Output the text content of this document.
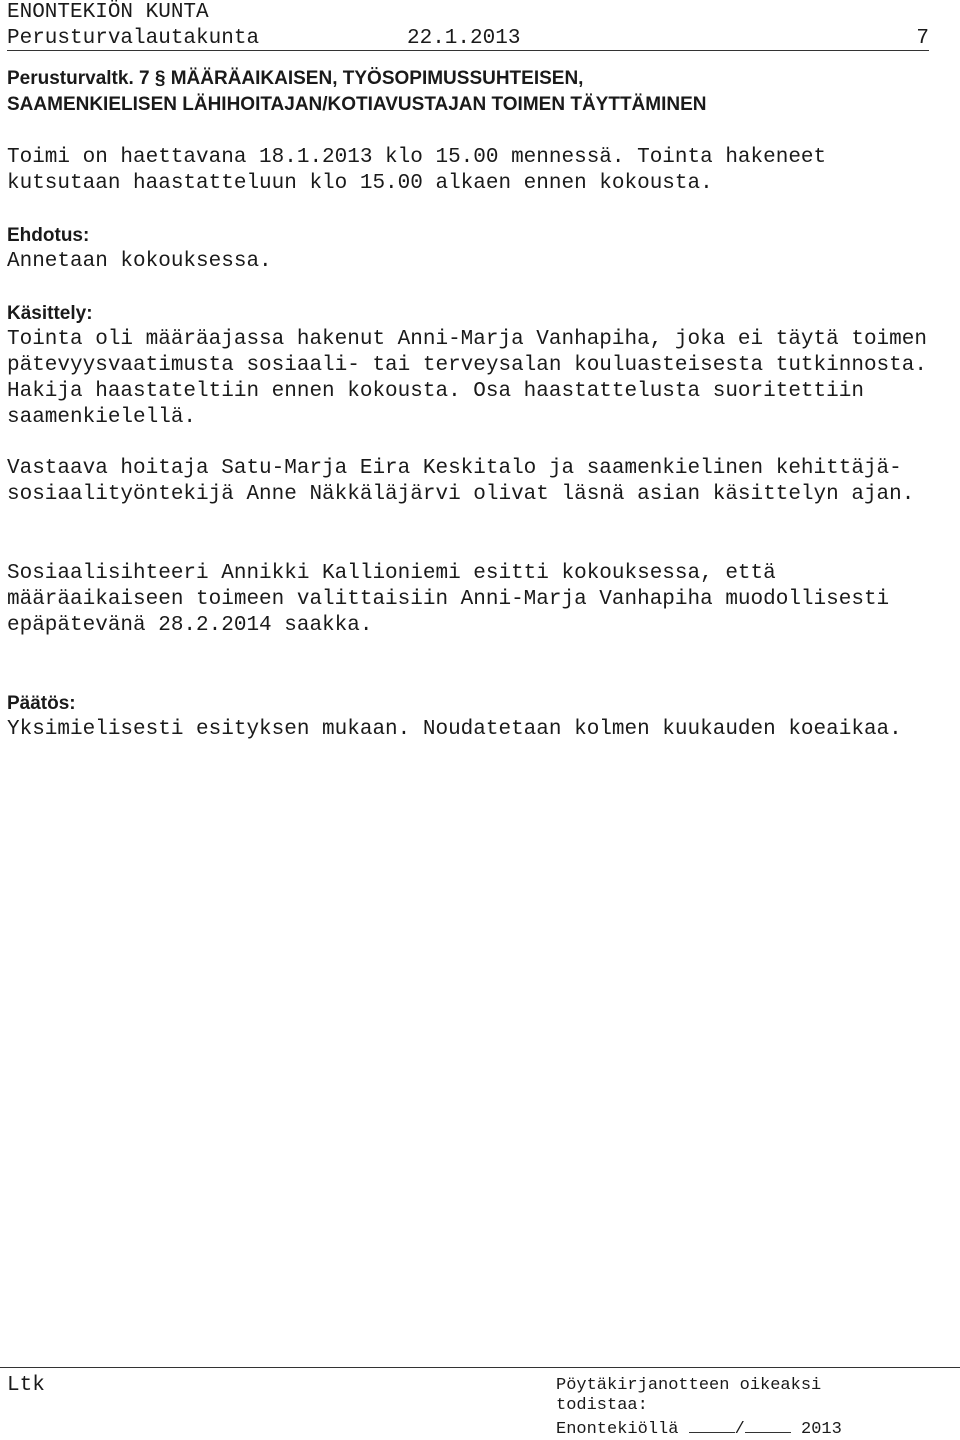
ENONTEKIÖN KUNTA

Perusturvalautakunta

	22.1.2013

	7

Perusturvaltk. 7 § MÄÄRÄAIKAISEN, TYÖSOPIMUSSUHTEISEN,
SAAMENKIELISEN LÄHIHOITAJAN/KOTIAVUSTAJAN TOIMEN TÄYTTÄMINEN
Toimi on haettavana 18.1.2013 klo 15.00 mennessä. Tointa hakeneet kutsutaan haastatteluun klo 15.00 alkaen ennen kokousta.
Ehdotus:
Annetaan kokouksessa.
Käsittely:
Tointa oli määräajassa hakenut Anni-Marja Vanhapiha, joka ei täytä toimen pätevyysvaatimusta sosiaali- tai terveysalan kouluasteisesta tutkinnosta. Hakija haastateltiin ennen kokousta. Osa haastattelusta suoritettiin saamenkielellä.
Vastaava hoitaja Satu-Marja Eira Keskitalo ja saamenkielinen kehittäjä-sosiaalityöntekijä Anne Näkkäläjärvi olivat läsnä asian käsittelyn ajan.
Sosiaalisihteeri Annikki Kallioniemi esitti kokouksessa, että määräaikaiseen toimeen valittaisiin Anni-Marja Vanhapiha muodollisesti epäpätevänä 28.2.2014 saakka.
Päätös:
Yksimielisesti esityksen mukaan. Noudatetaan kolmen kuukauden koeaikaa.
Ltk	Pöytäkirjanotteen oikeaksi
todistaa:
Enontekiöllä	/	2013
